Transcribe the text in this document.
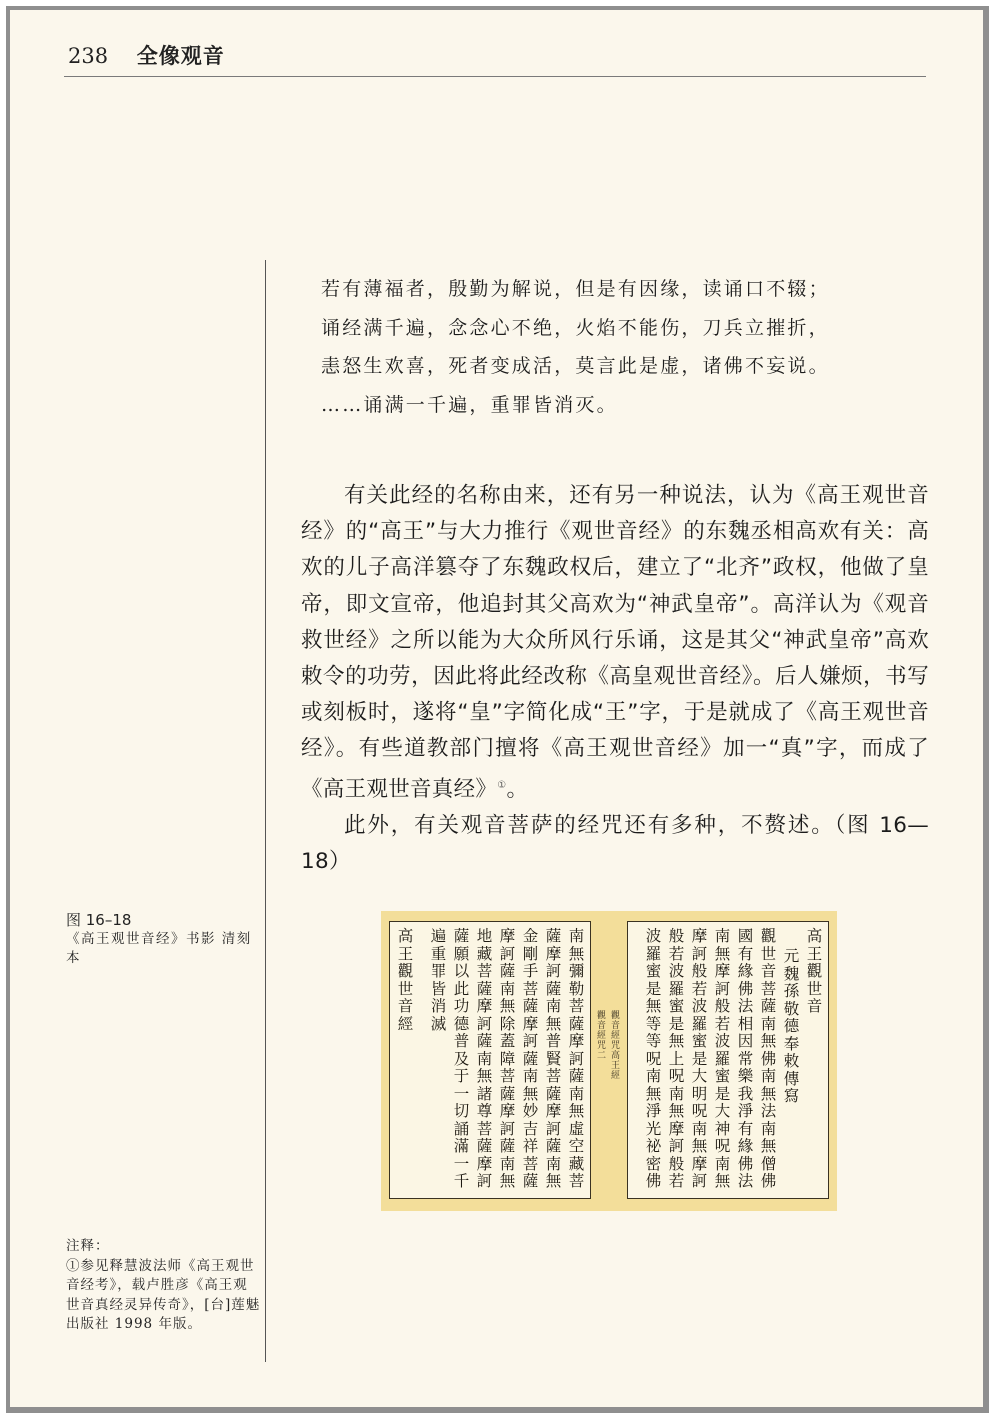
238 全像观音
若有薄福者，殷勤为解说，但是有因缘，读诵口不辍；
诵经满千遍，念念心不绝，火焰不能伤，刀兵立摧折，
恚怒生欢喜，死者变成活，莫言此是虚，诸佛不妄说。
……诵满一千遍，重罪皆消灭。

有关此经的名称由来，还有另一种说法，认为《高王观世音经》的“高王”与大力推行《观世音经》的东魏丞相高欢有关：高欢的儿子高洋篡夺了东魏政权后，建立了“北齐”政权，他做了皇帝，即文宣帝，他追封其父高欢为“神武皇帝”。高洋认为《观音救世经》之所以能为大众所风行乐诵，这是其父“神武皇帝”高欢敕令的功劳，因此将此经改称《高皇观世音经》。后人嫌烦，书写或刻板时，遂将“皇”字简化成“王”字，于是就成了《高王观世音经》。有些道教部门擅将《高王观世音经》加一“真”字，而成了《高王观世音真经》①。

此外，有关观音菩萨的经咒还有多种，不赘述。（图 16—18）

图 16–18
《高王观世音经》书影 清刻本
注释：
①参见释慧波法师《高王观世音经考》，载卢胜彦《高王观世音真经灵异传奇》，[台]莲魅出版社 1998 年版。
南無彌勒菩薩摩訶薩南無虛空藏菩
薩摩訶薩南無普賢菩薩摩訶薩南無
金剛手菩薩摩訶薩南無妙吉祥菩薩
摩訶薩南無除蓋障菩薩摩訶薩南無
地藏菩薩摩訶薩南無諸尊菩薩摩訶
薩願以此功德普及于一切誦滿一千
遍重罪皆消滅
高王觀世音經	觀音經咒 二
觀音經咒 高王經
高王觀世音
元魏孫敬德奉敕傳寫
觀世音菩薩南無佛南無法南無僧佛
國有緣佛法相因常樂我淨有緣佛法
南無摩訶般若波羅蜜是大神呪南無
摩訶般若波羅蜜是大明呪南無摩訶
般若波羅蜜是無上呪南無摩訶般若
波羅蜜是無等等呪南無淨光祕密佛
